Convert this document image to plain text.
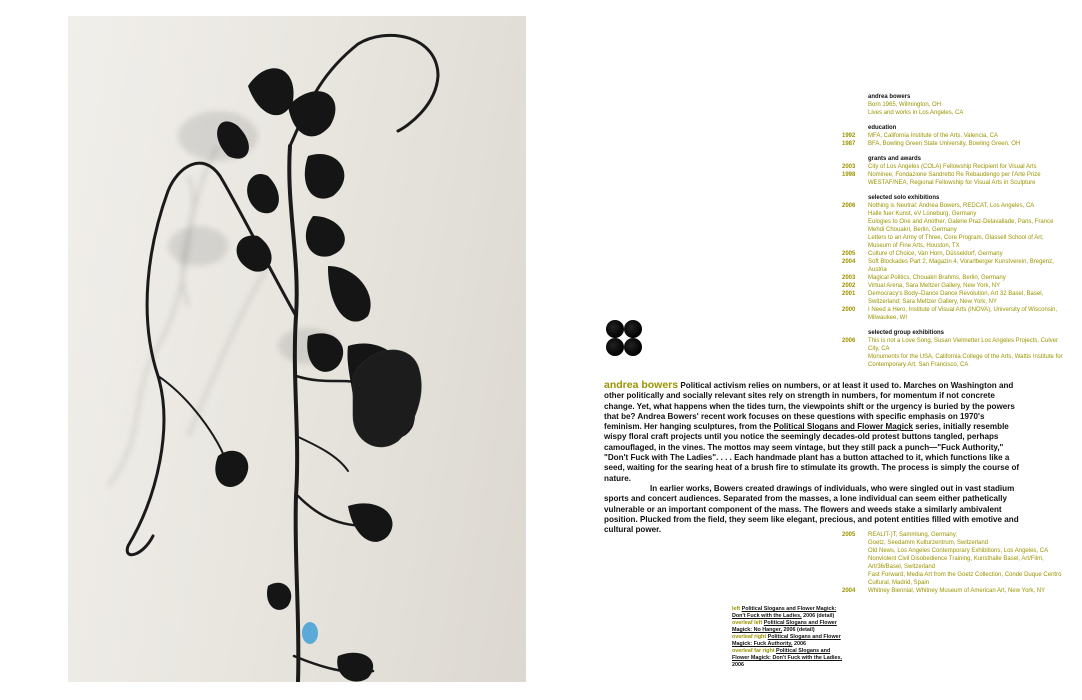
left Political Slogans and Flower Magick: Don't Fuck with the Ladies, 2006 (detail)
overleaf left Political Slogans and Flower Magick: No Hanger, 2006 (detail)
overleaf right Political Slogans and Flower Magick: Fuck Authority, 2006
overleaf far right Political Slogans and Flower Magick: Don't Fuck with the Ladies, 2006
andrea bowers
Born 1965, Wilmington, OH
Lives and works in Los Angeles, CA
education
1992	MFA, California Institute of the Arts, Valencia, CA
1987	BFA, Bowling Green State University, Bowling Green, OH
grants and awards
2003	City of Los Angeles (COLA) Fellowship Recipient for Visual Arts
1998	Nominee, Fondazione Sandretto Re Rebaudengo per l'Arte Prize
WESTAF/NEA, Regional Fellowship for Visual Arts in Sculpture
selected solo exhibitions
2006	Nothing is Neutral: Andrea Bowers, REDCAT, Los Angeles, CA
Halle fuer Kunst, eV Lüneburg, Germany
Eulogies to One and Another, Galerie Praz-Delavallade, Paris, France
Mehdi Chouakri, Berlin, Germany
Letters to an Army of Three, Core Program, Glassell School of Art, Museum of Fine Arts, Houston, TX
2005	Culture of Choice, Van Horn, Düsseldorf, Germany
2004	Soft Blockades Part 2, Magazin 4, Vorarlberger Kunstverein, Bregenz, Austria
2003	Magical Politics, Chouakri Brahms, Berlin, Germany
2002	Virtual Arena, Sara Meltzer Gallery, New York, NY
2001	Democracy's Body–Dance Dance Revolution, Art 32 Basel, Basel, Switzerland; Sara Meltzer Gallery, New York, NY
2000	I Need a Hero, Institute of Visual Arts (INOVA), University of Wisconsin, Milwaukee, WI
selected group exhibitions
2006	This is not a Love Song, Susan Vielmetter Los Angeles Projects, Culver City, CA
Monuments for the USA, California College of the Arts, Wattis Institute for Contemporary Art, San Francisco, CA

andrea bowers Political activism relies on numbers, or at least it used to. Marches on Washington and other politically and socially relevant sites rely on strength in numbers, for momentum if not concrete change. Yet, what happens when the tides turn, the viewpoints shift or the urgency is buried by the powers that be? Andrea Bowers' recent work focuses on these questions with specific emphasis on 1970's feminism. Her hanging sculptures, from the Political Slogans and Flower Magick series, initially resemble wispy floral craft projects until you notice the seemingly decades-old protest buttons tangled, perhaps camouflaged, in the vines. The mottos may seem vintage, but they still pack a punch—"Fuck Authority," "Don't Fuck with The Ladies". . . . Each handmade plant has a button attached to it, which functions like a seed, waiting for the searing heat of a brush fire to stimulate its growth. The process is simply the course of nature.

In earlier works, Bowers created drawings of individuals, who were singled out in vast stadium sports and concert audiences. Separated from the masses, a lone individual can seem either pathetically vulnerable or an important component of the mass. The flowers and weeds stake a similarly ambivalent position. Plucked from the field, they seem like elegant, precious, and potent entities filled with emotive and cultural power.

2005	REALIT-)T, Sammlung, Germany;
Goetz, Seedamm Kulturzentrum, Switzerland
Old News, Los Angeles Contemporary Exhibitions, Los Angeles, CA
Nonviolent Civil Disobedience Training, Kunsthalle Basel, Art/Film, Art/36/Basel, Switzerland
Fast Forward, Media Art from the Goetz Collection, Conde Duque Centro Cultural, Madrid, Spain
2004	Whitney Biennial, Whitney Museum of American Art, New York, NY
